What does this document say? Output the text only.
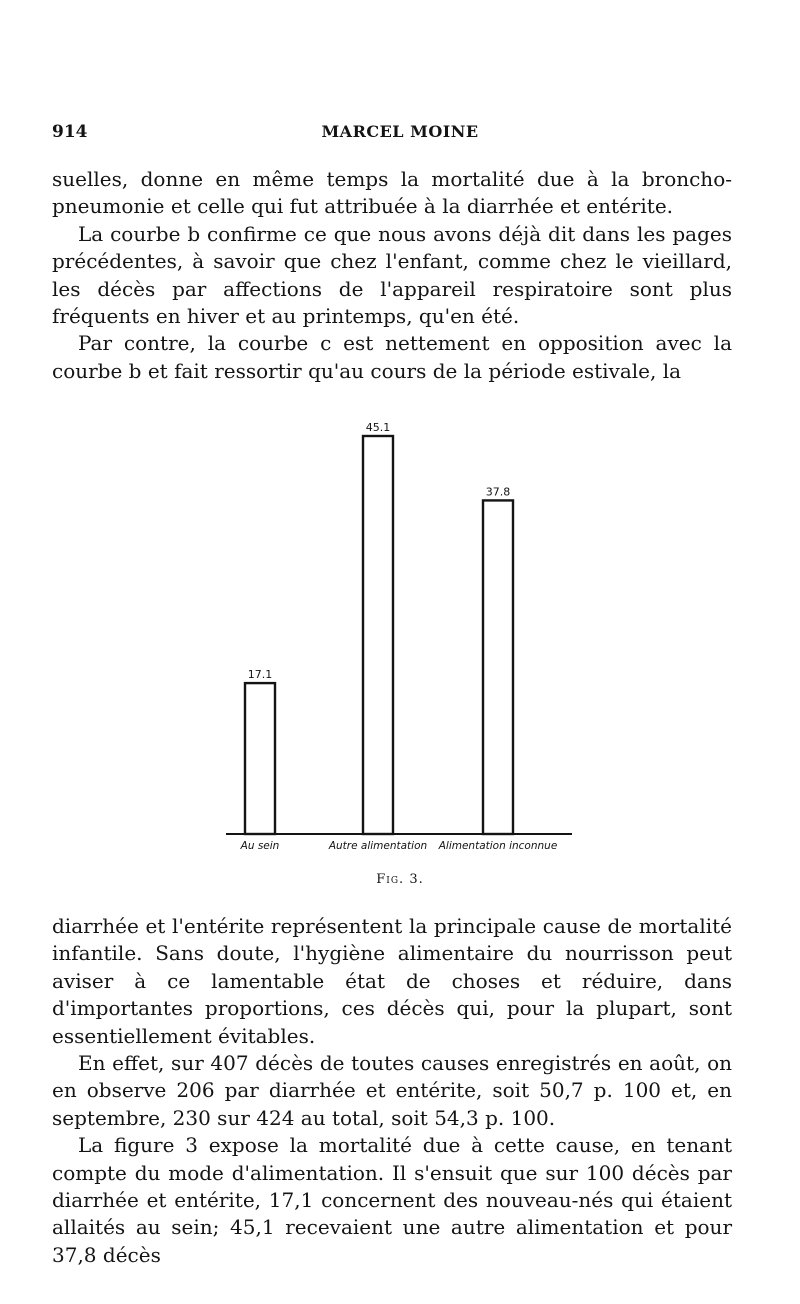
914	MARCEL MOINE

suelles, donne en même temps la mortalité due à la broncho-pneumonie et celle qui fut attribuée à la diarrhée et entérite.

La courbe b confirme ce que nous avons déjà dit dans les pages précédentes, à savoir que chez l'enfant, comme chez le vieillard, les décès par affections de l'appareil respiratoire sont plus fréquents en hiver et au printemps, qu'en été.

Par contre, la courbe c est nettement en opposition avec la courbe b et fait ressortir qu'au cours de la période estivale, la

17.1
Au sein
45.1
Autre alimentation
37.8
Alimentation inconnue
Fig. 3.

diarrhée et l'entérite représentent la principale cause de mortalité infantile. Sans doute, l'hygiène alimentaire du nourrisson peut aviser à ce lamentable état de choses et réduire, dans d'importantes proportions, ces décès qui, pour la plupart, sont essentiellement évitables.

En effet, sur 407 décès de toutes causes enregistrés en août, on en observe 206 par diarrhée et entérite, soit 50,7 p. 100 et, en septembre, 230 sur 424 au total, soit 54,3 p. 100.

La figure 3 expose la mortalité due à cette cause, en tenant compte du mode d'alimentation. Il s'ensuit que sur 100 décès par diarrhée et entérite, 17,1 concernent des nouveau-nés qui étaient allaités au sein; 45,1 recevaient une autre alimentation et pour 37,8 décès
